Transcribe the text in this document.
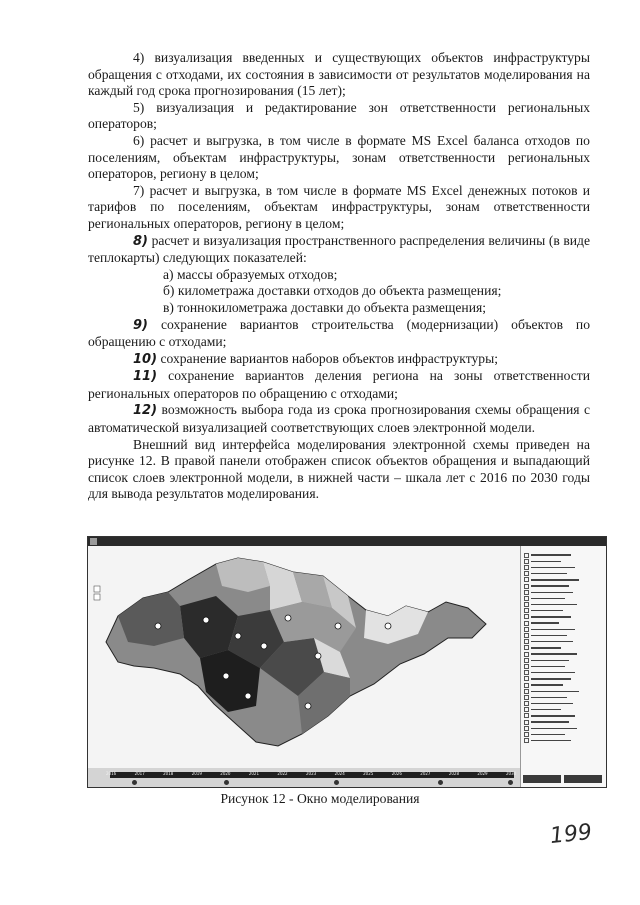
4) визуализация введенных и существующих объектов инфраструктуры обращения с отходами, их состояния в зависимости от результатов моделирования на каждый год срока прогнозирования (15 лет);

5) визуализация и редактирование зон ответственности региональных операторов;

6) расчет и выгрузка, в том числе в формате MS Excel баланса отходов по поселениям, объектам инфраструктуры, зонам ответственности региональных операторов, региону в целом;

7) расчет и выгрузка, в том числе в формате MS Excel денежных потоков и тарифов по поселениям, объектам инфраструктуры, зонам ответственности региональных операторов, региону в целом;

8) расчет и визуализация пространственного распределения величины (в виде теплокарты) следующих показателей:

а) массы образуемых отходов;

б) километража доставки отходов до объекта размещения;

в) тоннокилометража доставки до объекта размещения;

9) сохранение вариантов строительства (модернизации) объектов по обращению с отходами;

10) сохранение вариантов наборов объектов инфраструктуры;

11) сохранение вариантов деления региона на зоны ответственности региональных операторов по обращению с отходами;

12) возможность выбора года из срока прогнозирования схемы обращения с автоматической визуализацией соответствующих слоев электронной модели.

Внешний вид интерфейса моделирования электронной схемы приведен на рисунке 12. В правой панели отображен список объектов обращения и выпадающий список слоев электронной модели, в нижней части – шкала лет с 2016 по 2030 годы для вывода результатов моделирования.

2016	2017	2018	2019	2020	2021	2022	2023	2024	2025	2026	2027	2028	2029	2030
Рисунок 12 - Окно моделирования
199
